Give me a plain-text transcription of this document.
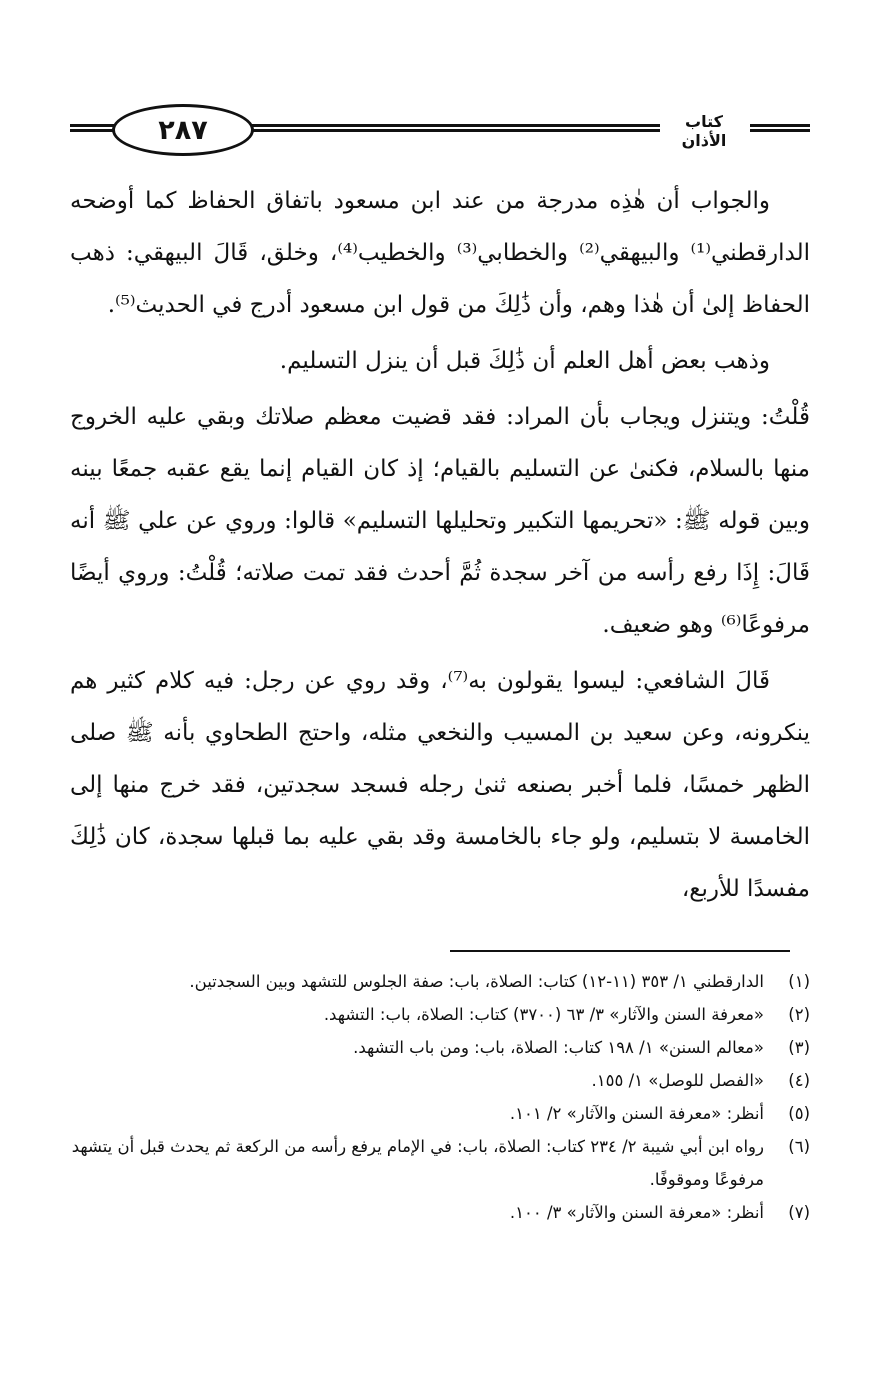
٢٨٧	كتاب الأذان

والجواب أن هٰذِه مدرجة من عند ابن مسعود باتفاق الحفاظ كما أوضحه الدارقطني⁽¹⁾ والبيهقي⁽²⁾ والخطابي⁽³⁾ والخطيب⁽⁴⁾، وخلق، قَالَ البيهقي: ذهب الحفاظ إلىٰ أن هٰذا وهم، وأن ذَٰلِكَ من قول ابن مسعود أدرج في الحديث⁽⁵⁾.

وذهب بعض أهل العلم أن ذَٰلِكَ قبل أن ينزل التسليم.

قُلْتُ: ويتنزل ويجاب بأن المراد: فقد قضيت معظم صلاتك وبقي عليه الخروج منها بالسلام، فكنىٰ عن التسليم بالقيام؛ إذ كان القيام إنما يقع عقبه جمعًا بينه وبين قوله ﷺ: «تحريمها التكبير وتحليلها التسليم» قالوا: وروي عن علي ﷺ أنه قَالَ: إِذَا رفع رأسه من آخر سجدة ثُمَّ أحدث فقد تمت صلاته؛ قُلْتُ: وروي أيضًا مرفوعًا⁽⁶⁾ وهو ضعيف.

قَالَ الشافعي: ليسوا يقولون به⁽⁷⁾، وقد روي عن رجل: فيه كلام كثير هم ينكرونه، وعن سعيد بن المسيب والنخعي مثله، واحتج الطحاوي بأنه ﷺ صلى الظهر خمسًا، فلما أخبر بصنعه ثنىٰ رجله فسجد سجدتين، فقد خرج منها إلى الخامسة لا بتسليم، ولو جاء بالخامسة وقد بقي عليه بما قبلها سجدة، كان ذَٰلِكَ مفسدًا للأربع،

(١)
الدارقطني ١/ ٣٥٣ (١١-١٢) كتاب: الصلاة، باب: صفة الجلوس للتشهد وبين السجدتين.
(٢)
«معرفة السنن والآثار» ٣/ ٦٣ (٣٧٠٠) كتاب: الصلاة، باب: التشهد.
(٣)
«معالم السنن» ١/ ١٩٨ كتاب: الصلاة، باب: ومن باب التشهد.
(٤)
«الفصل للوصل» ١/ ١٥٥.
(٥)
أنظر: «معرفة السنن والآثار» ٢/ ١٠١.
(٦)
رواه ابن أبي شيبة ٢/ ٢٣٤ كتاب: الصلاة، باب: في الإمام يرفع رأسه من الركعة ثم يحدث قبل أن يتشهد مرفوعًا وموقوفًا.
(٧)
أنظر: «معرفة السنن والآثار» ٣/ ١٠٠.
